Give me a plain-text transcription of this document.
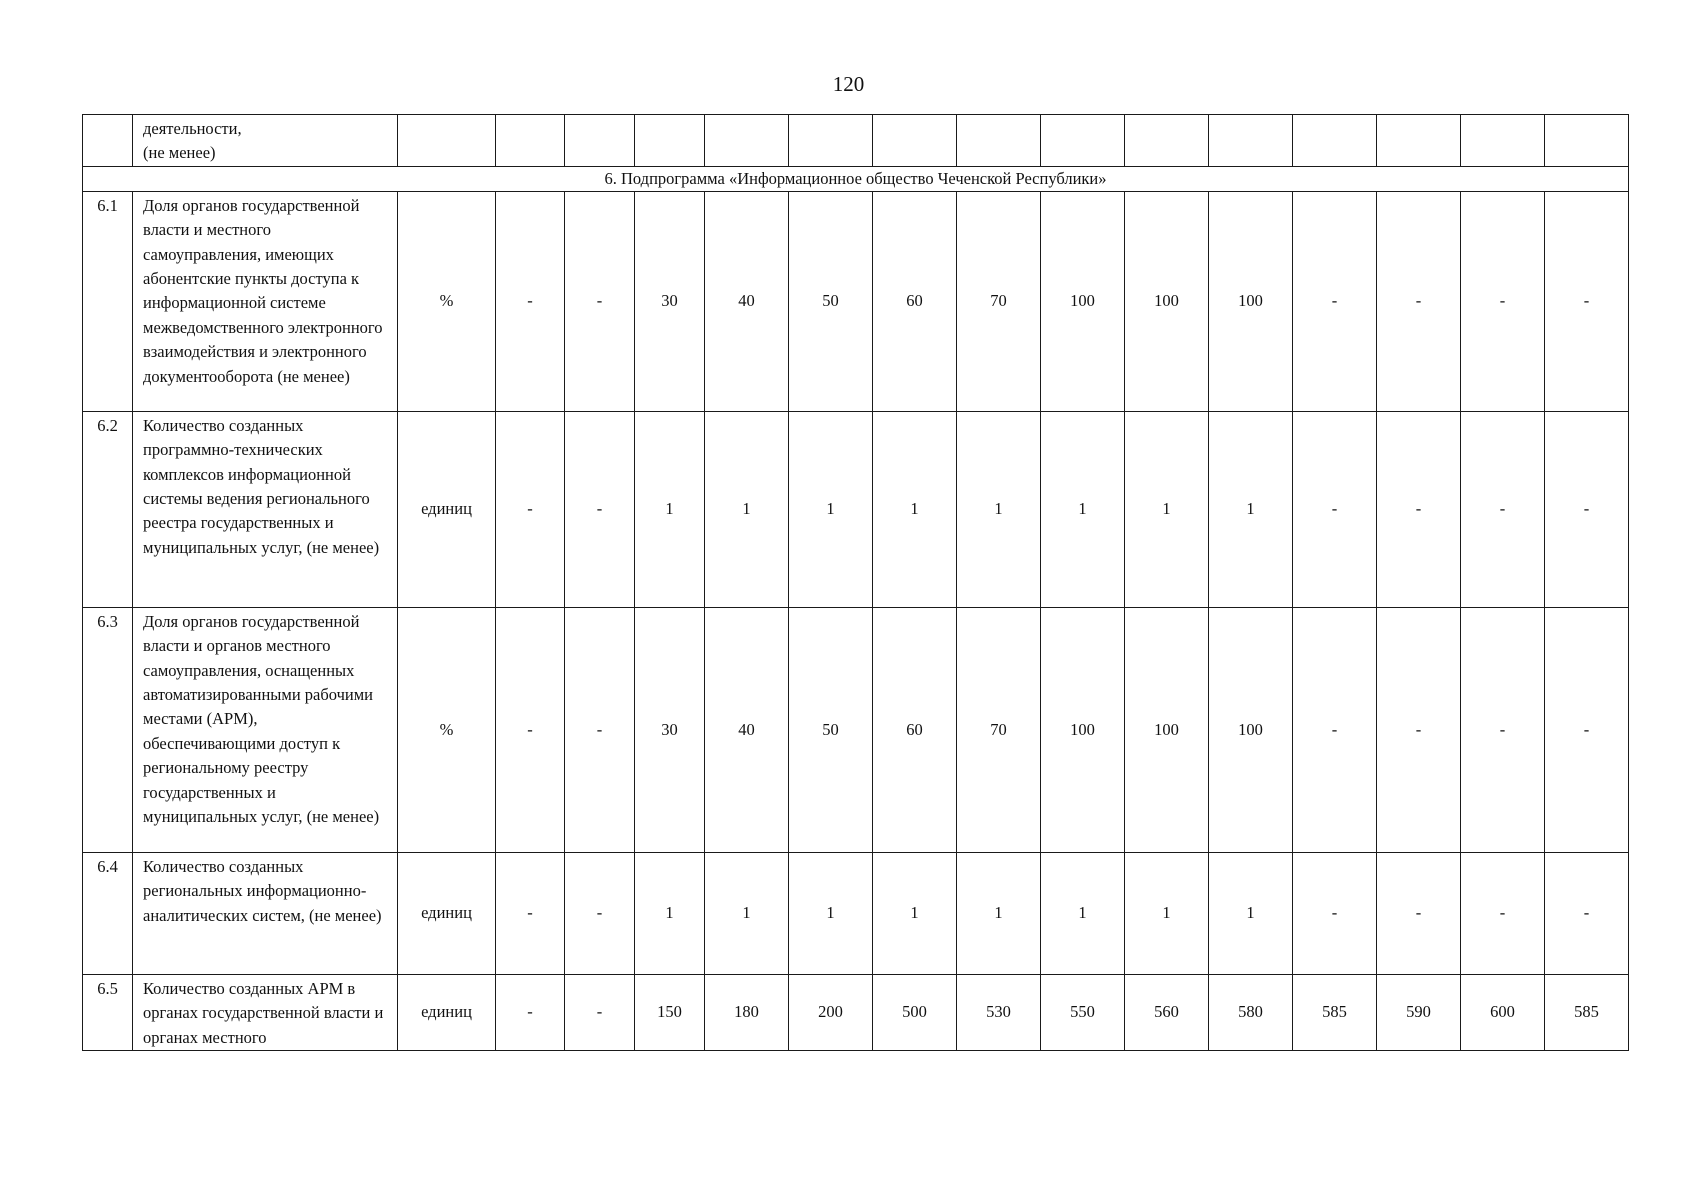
120
	деятельности,
(не менее)															
6. Подпрограмма «Информационное общество Чеченской Республики»																
6.1	Доля органов государственной власти и местного самоуправления, имеющих абонентские пункты доступа к информационной системе межведомственного электронного взаимодействия и электронного документооборота (не менее)	%	-	-	30	40	50	60	70	100	100	100	-	-	-	-
6.2	Количество созданных программно-технических комплексов информационной системы ведения регионального реестра государственных и муниципальных услуг, (не менее)	единиц	-	-	1	1	1	1	1	1	1	1	-	-	-	-
6.3	Доля органов государственной власти и органов местного самоуправления, оснащенных автоматизированными рабочими местами (АРМ), обеспечивающими доступ к региональному реестру государственных и муниципальных услуг, (не менее)	%	-	-	30	40	50	60	70	100	100	100	-	-	-	-
6.4	Количество созданных региональных информационно-аналитических систем, (не менее)	единиц	-	-	1	1	1	1	1	1	1	1	-	-	-	-
6.5	Количество созданных АРМ в органах государственной власти и органах местного	единиц	-	-	150	180	200	500	530	550	560	580	585	590	600	585
